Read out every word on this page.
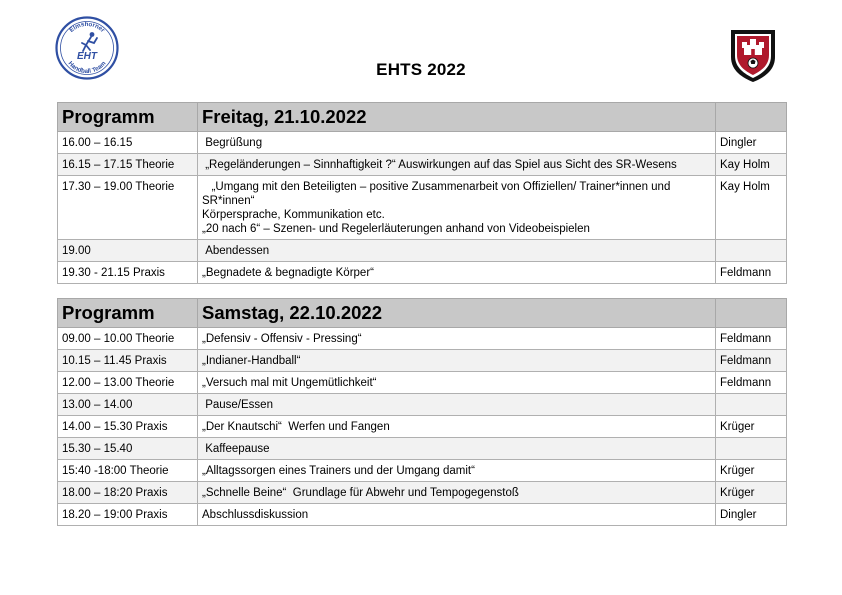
Elmshorner
Handball Team
EHT
EHTS 2022
Programm	Freitag, 21.10.2022	
16.00 – 16.15	Begrüßung	Dingler
16.15 – 17.15 Theorie	„Regeländerungen – Sinnhaftigkeit ?“ Auswirkungen auf das Spiel aus Sicht des SR-Wesens	Kay Holm
17.30 – 19.00 Theorie	„Umgang mit den Beteiligten – positive Zusammenarbeit von Offiziellen/ Trainer*innen und SR*innen“
Körpersprache, Kommunikation etc.
„20 nach 6“ – Szenen- und Regelerläuterungen anhand von Videobeispielen	Kay Holm
19.00	Abendessen	

19.30 - 21.15 Praxis	„Begnadete & begnadigte Körper“	Feldmann
Programm	Samstag, 22.10.2022	
09.00 – 10.00 Theorie	„Defensiv - Offensiv - Pressing“	Feldmann
10.15 – 11.45 Praxis	„Indianer-Handball“	Feldmann
12.00 – 13.00 Theorie	„Versuch mal mit Ungemütlichkeit“	Feldmann
13.00 – 14.00	Pause/Essen	

14.00 – 15.30 Praxis	„Der Knautschi“  Werfen und Fangen	Krüger
15.30 – 15.40	Kaffeepause	

15:40 -18:00 Theorie	„Alltagssorgen eines Trainers und der Umgang damit“	Krüger
18.00 – 18:20 Praxis	„Schnelle Beine“  Grundlage für Abwehr und Tempogegenstoß	Krüger
18.20 – 19:00 Praxis	Abschlussdiskussion	Dingler
